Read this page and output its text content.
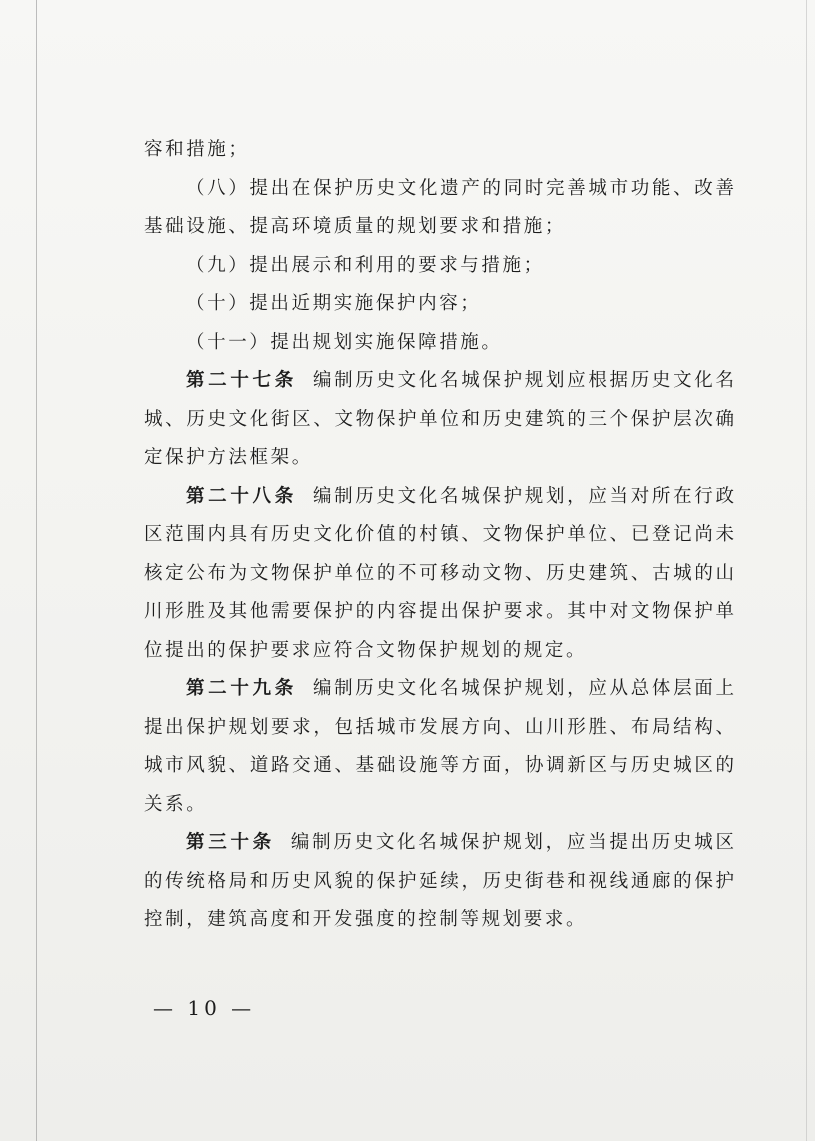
容和措施；
（八）提出在保护历史文化遗产的同时完善城市功能、改善
基础设施、提高环境质量的规划要求和措施；
（九）提出展示和利用的要求与措施；
（十）提出近期实施保护内容；
（十一）提出规划实施保障措施。
第二十七条 编制历史文化名城保护规划应根据历史文化名
城、历史文化街区、文物保护单位和历史建筑的三个保护层次确
定保护方法框架。
第二十八条 编制历史文化名城保护规划，应当对所在行政
区范围内具有历史文化价值的村镇、文物保护单位、已登记尚未
核定公布为文物保护单位的不可移动文物、历史建筑、古城的山
川形胜及其他需要保护的内容提出保护要求。其中对文物保护单
位提出的保护要求应符合文物保护规划的规定。
第二十九条 编制历史文化名城保护规划，应从总体层面上
提出保护规划要求，包括城市发展方向、山川形胜、布局结构、
城市风貌、道路交通、基础设施等方面，协调新区与历史城区的
关系。
第三十条 编制历史文化名城保护规划，应当提出历史城区
的传统格局和历史风貌的保护延续，历史街巷和视线通廊的保护
控制，建筑高度和开发强度的控制等规划要求。
— 10 —
